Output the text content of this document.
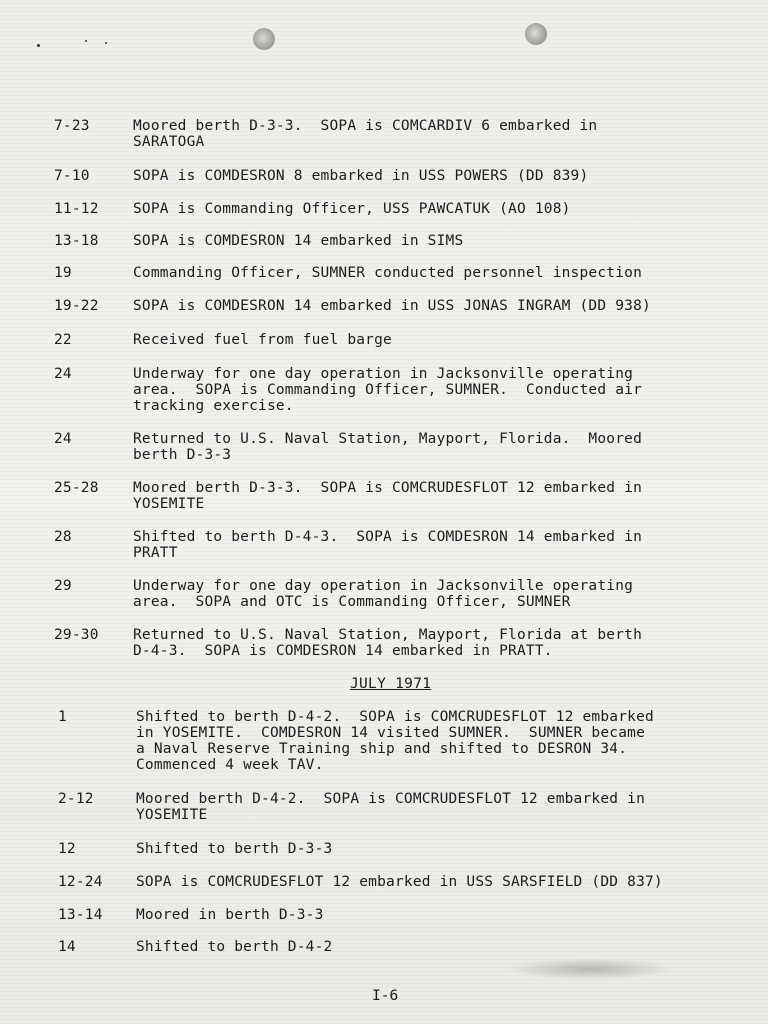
7-23	Moored berth D-3-3.  SOPA is COMCARDIV 6 embarked in
SARATOGA
7-10	SOPA is COMDESRON 8 embarked in USS POWERS (DD 839)
11-12 SOPA is Commanding Officer, USS PAWCATUK (AO 108)
13-18 SOPA is COMDESRON 14 embarked in SIMS
19	Commanding Officer, SUMNER conducted personnel inspection
19-22 SOPA is COMDESRON 14 embarked in USS JONAS INGRAM (DD 938)
22	Received fuel from fuel barge
24	Underway for one day operation in Jacksonville operating
area.  SOPA is Commanding Officer, SUMNER.  Conducted air
tracking exercise.
24	Returned to U.S. Naval Station, Mayport, Florida.  Moored
berth D-3-3
25-28 Moored berth D-3-3.  SOPA is COMCRUDESFLOT 12 embarked in
YOSEMITE
28	Shifted to berth D-4-3.  SOPA is COMDESRON 14 embarked in
PRATT
29	Underway for one day operation in Jacksonville operating
area.  SOPA and OTC is Commanding Officer, SUMNER
29-30 Returned to U.S. Naval Station, Mayport, Florida at berth
D-4-3.  SOPA is COMDESRON 14 embarked in PRATT.
JULY 1971
1	Shifted to berth D-4-2.  SOPA is COMCRUDESFLOT 12 embarked
in YOSEMITE.  COMDESRON 14 visited SUMNER.  SUMNER became
a Naval Reserve Training ship and shifted to DESRON 34.
Commenced 4 week TAV.
2-12	Moored berth D-4-2.  SOPA is COMCRUDESFLOT 12 embarked in
YOSEMITE
12	Shifted to berth D-3-3
12-24 SOPA is COMCRUDESFLOT 12 embarked in USS SARSFIELD (DD 837)
13-14 Moored in berth D-3-3
14	Shifted to berth D-4-2
I-6
